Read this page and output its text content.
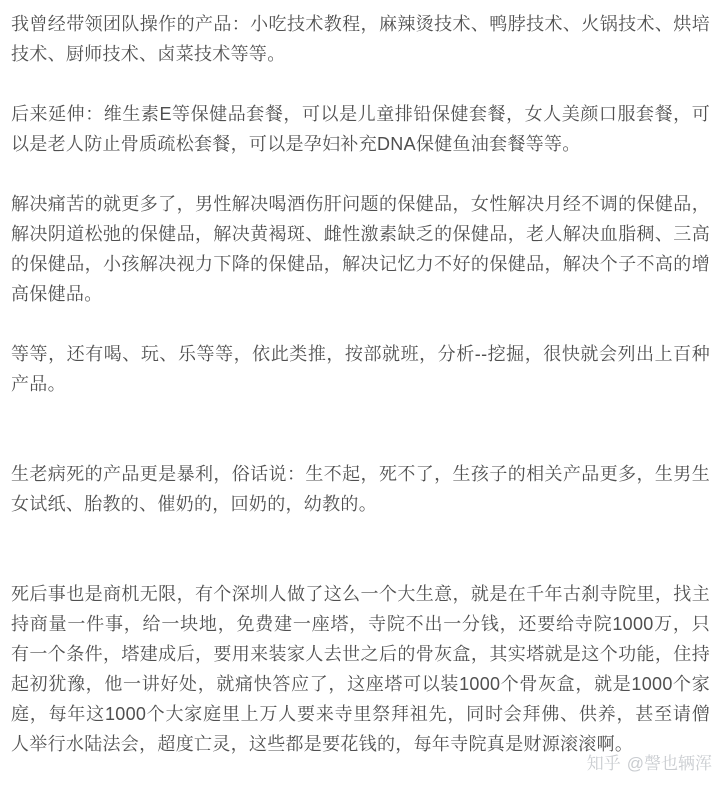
我曾经带领团队操作的产品：小吃技术教程，麻辣烫技术、鸭脖技术、火锅技术、烘培技术、厨师技术、卤菜技术等等。

后来延伸：维生素E等保健品套餐，可以是儿童排铅保健套餐，女人美颜口服套餐，可以是老人防止骨质疏松套餐，可以是孕妇补充DNA保健鱼油套餐等等。

解决痛苦的就更多了，男性解决喝酒伤肝问题的保健品，女性解决月经不调的保健品，解决阴道松弛的保健品，解决黄褐斑、雌性激素缺乏的保健品，老人解决血脂稠、三高的保健品，小孩解决视力下降的保健品，解决记忆力不好的保健品，解决个子不高的增高保健品。

等等，还有喝、玩、乐等等，依此类推，按部就班，分析--挖掘，很快就会列出上百种产品。

生老病死的产品更是暴利，俗话说：生不起，死不了，生孩子的相关产品更多，生男生女试纸、胎教的、催奶的，回奶的，幼教的。

死后事也是商机无限，有个深圳人做了这么一个大生意，就是在千年古刹寺院里，找主持商量一件事，给一块地，免费建一座塔，寺院不出一分钱，还要给寺院1000万，只有一个条件，塔建成后，要用来装家人去世之后的骨灰盒，其实塔就是这个功能，住持起初犹豫，他一讲好处，就痛快答应了，这座塔可以装1000个骨灰盒，就是1000个家庭，每年这1000个大家庭里上万人要来寺里祭拜祖先，同时会拜佛、供养，甚至请僧人举行水陆法会，超度亡灵，这些都是要花钱的，每年寺院真是财源滚滚啊。

知乎 @謦也辆浑
